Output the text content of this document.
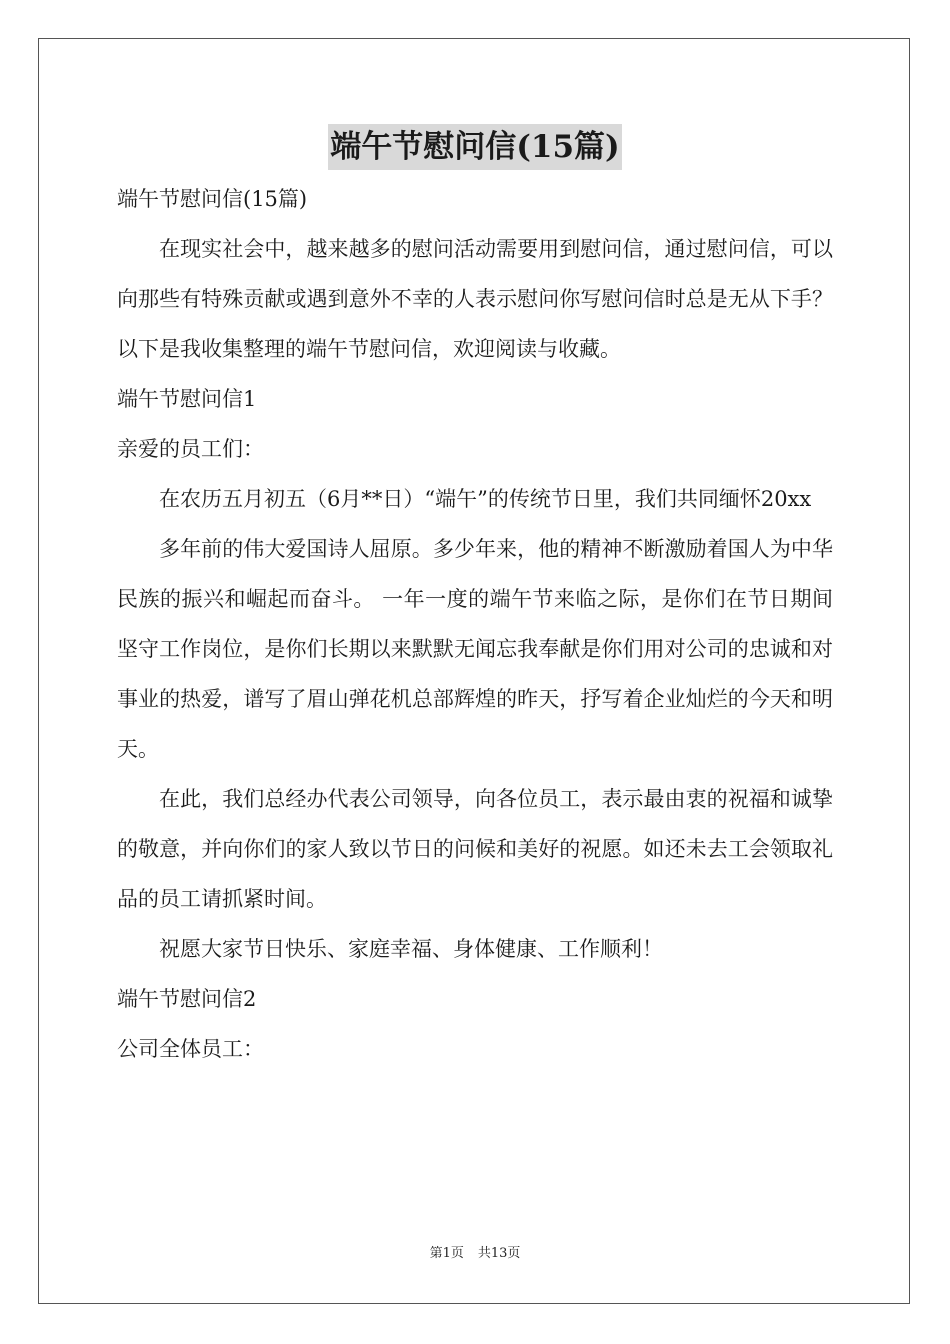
端午节慰问信(15篇)

端午节慰问信(15篇)

在现实社会中，越来越多的慰问活动需要用到慰问信，通过慰问信，可以向那些有特殊贡献或遇到意外不幸的人表示慰问你写慰问信时总是无从下手？以下是我收集整理的端午节慰问信，欢迎阅读与收藏。

端午节慰问信1

亲爱的员工们：

在农历五月初五（6月**日）“端午”的传统节日里，我们共同缅怀20xx

多年前的伟大爱国诗人屈原。多少年来，他的精神不断激励着国人为中华民族的振兴和崛起而奋斗。 一年一度的端午节来临之际，是你们在节日期间坚守工作岗位，是你们长期以来默默无闻忘我奉献是你们用对公司的忠诚和对事业的热爱，谱写了眉山弹花机总部辉煌的昨天，抒写着企业灿烂的今天和明天。

在此，我们总经办代表公司领导，向各位员工，表示最由衷的祝福和诚挚的敬意，并向你们的家人致以节日的问候和美好的祝愿。如还未去工会领取礼品的员工请抓紧时间。

祝愿大家节日快乐、家庭幸福、身体健康、工作顺利！

端午节慰问信2

公司全体员工：

第1页 共13页
